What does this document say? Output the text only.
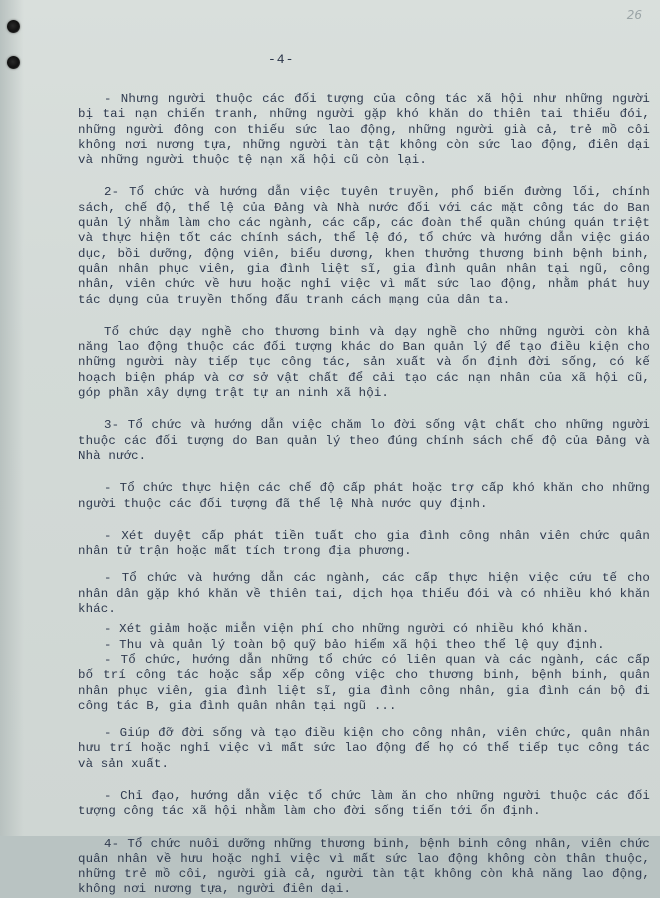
26
-4-

- Nhưng người thuộc các đối tượng của công tác xã hội như những người bị tai nạn chiến tranh, những người gặp khó khăn do thiên tai thiếu đói, những người đông con thiếu sức lao động, những người già cả, trẻ mồ côi không nơi nương tựa, những người tàn tật không còn sức lao động, điên dại và những người thuộc tệ nạn xã hội cũ còn lại.

2- Tổ chức và hướng dẫn việc tuyên truyền, phổ biến đường lối, chính sách, chế độ, thể lệ của Đảng và Nhà nước đối với các mặt công tác do Ban quản lý nhằm làm cho các ngành, các cấp, các đoàn thể quần chúng quán triệt và thực hiện tốt các chính sách, thể lệ đó, tổ chức và hướng dẫn việc giáo dục, bồi dưỡng, động viên, biểu dương, khen thưởng thương binh bệnh binh, quân nhân phục viên, gia đình liệt sĩ, gia đình quân nhân tại ngũ, công nhân, viên chức về hưu hoặc nghỉ việc vì mất sức lao động, nhằm phát huy tác dụng của truyền thống đấu tranh cách mạng của dân ta.

Tổ chức dạy nghề cho thương binh và dạy nghề cho những người còn khả năng lao động thuộc các đối tượng khác do Ban quản lý để tạo điều kiện cho những người này tiếp tục công tác, sản xuất và ổn định đời sống, có kế hoạch biện pháp và cơ sở vật chất để cải tạo các nạn nhân của xã hội cũ, góp phần xây dựng trật tự an ninh xã hội.

3- Tổ chức và hướng dẫn việc chăm lo đời sống vật chất cho những người thuộc các đối tượng do Ban quản lý theo đúng chính sách chế độ của Đảng và Nhà nước.

- Tổ chức thực hiện các chế độ cấp phát hoặc trợ cấp khó khăn cho những người thuộc các đối tượng đã thể lệ Nhà nước quy định.

- Xét duyệt cấp phát tiền tuất cho gia đình công nhân viên chức quân nhân tử trận hoặc mất tích trong địa phương.

- Tổ chức và hướng dẫn các ngành, các cấp thực hiện việc cứu tế cho nhân dân gặp khó khăn về thiên tai, dịch họa thiếu đói và có nhiều khó khăn khác.

- Xét giảm hoặc miễn viện phí cho những người có nhiều khó khăn.

- Thu và quản lý toàn bộ quỹ bảo hiểm xã hội theo thể lệ quy định.

- Tổ chức, hướng dẫn những tổ chức có liên quan và các ngành, các cấp bố trí công tác hoặc sắp xếp công việc cho thương binh, bệnh binh, quân nhân phục viên, gia đình liệt sĩ, gia đình công nhân, gia đình cán bộ đi công tác B, gia đình quân nhân tại ngũ ...

- Giúp đỡ đời sống và tạo điều kiện cho công nhân, viên chức, quân nhân hưu trí hoặc nghỉ việc vì mất sức lao động để họ có thể tiếp tục công tác và sản xuất.

- Chỉ đạo, hướng dẫn việc tổ chức làm ăn cho những người thuộc các đối tượng công tác xã hội nhằm làm cho đời sống tiến tới ổn định.

4- Tổ chức nuôi dưỡng những thương binh, bệnh binh công nhân, viên chức quân nhân về hưu hoặc nghỉ việc vì mất sức lao động không còn thân thuộc, những trẻ mồ côi, người già cả, người tàn tật không còn khả năng lao động, không nơi nương tựa, người điên dại.
